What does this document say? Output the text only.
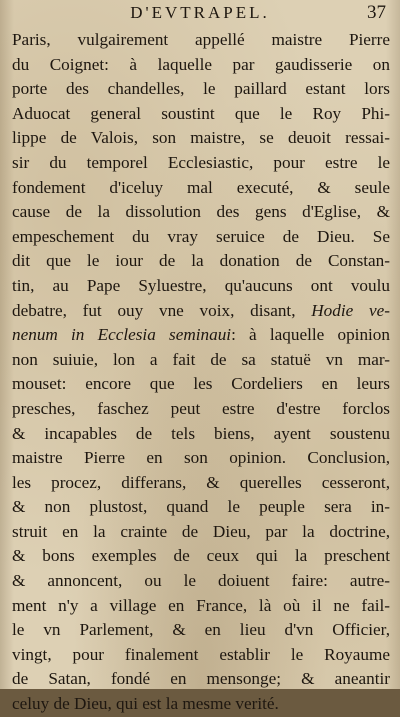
D'EVTRAPEL.	37
Paris, vulgairement appellé maistre Pierre
du Coignet: à laquelle par gaudisserie on
porte des chandelles, le paillard estant lors
Aduocat general soustint que le Roy Phi-
lippe de Valois, son maistre, se deuoit ressai-
sir du temporel Ecclesiastic, pour estre le
fondement d'iceluy mal executé, & seule
cause de la dissolution des gens d'Eglise, &
empeschement du vray seruice de Dieu. Se
dit que le iour de la donation de Constan-
tin, au Pape Syluestre, qu'aucuns ont voulu
debatre, fut ouy vne voix, disant, Hodie ve-
nenum in Ecclesia seminaui: à laquelle opinion
non suiuie, lon a fait de sa statuë vn mar-
mouset: encore que les Cordeliers en leurs
presches, faschez peut estre d'estre forclos
& incapables de tels biens, ayent soustenu
maistre Pierre en son opinion. Conclusion,
les procez, differans, & querelles cesseront,
& non plustost, quand le peuple sera in-
struit en la crainte de Dieu, par la doctrine,
& bons exemples de ceux qui la preschent
& annoncent, ou le doiuent faire: autre-
ment n'y a village en France, là où il ne fail-
le vn Parlement, & en lieu d'vn Officier,
vingt, pour finalement establir le Royaume
de Satan, fondé en mensonge; & aneantir
celuy de Dieu, qui est la mesme verité.
